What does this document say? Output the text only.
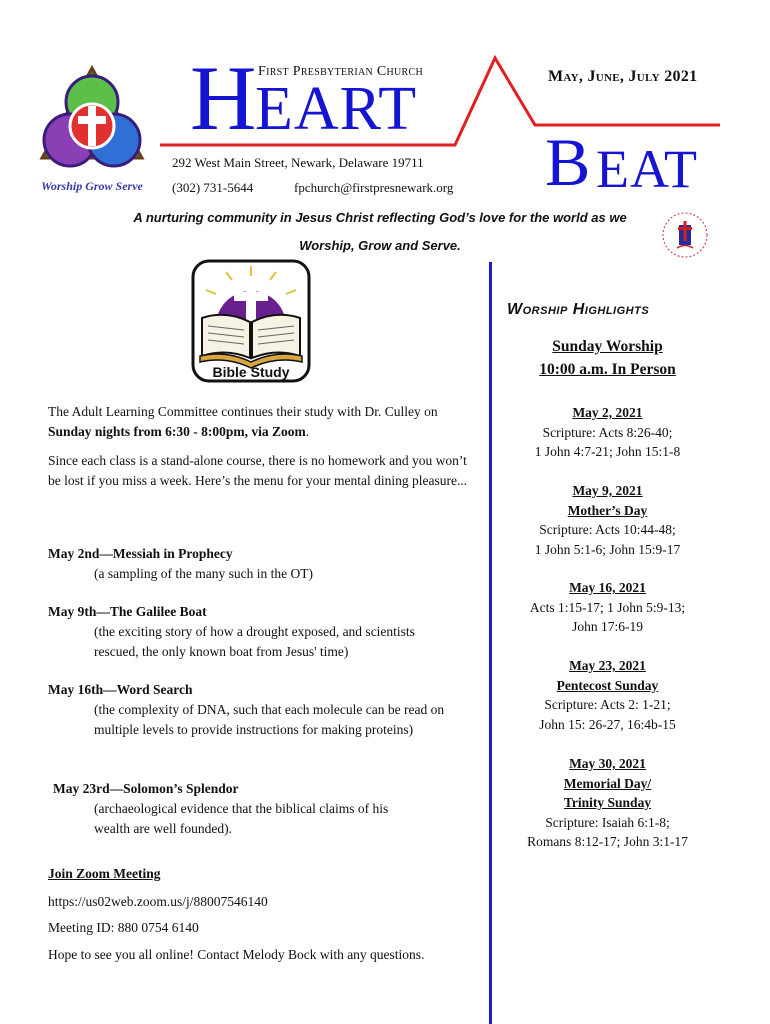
Worship Grow Serve
H
EART
First Presbyterian Church
292 West Main Street, Newark, Delaware 19711
(302) 731-5644	fpchurch@firstpresnewark.org
May, June, July 2021
B EAT
A nurturing community in Jesus Christ reflecting God’s love for the world as we
Worship, Grow and Serve.
Bible Study

The Adult Learning Committee continues their study with Dr. Culley on Sunday nights from 6:30 - 8:00pm, via Zoom.

Since each class is a stand-alone course, there is no homework and you won’t be lost if you miss a week. Here’s the menu for your mental dining pleasure...

May 2nd—Messiah in Prophecy

(a sampling of the many such in the OT)

May 9th—The Galilee Boat

(the exciting story of how a drought exposed, and scientists rescued, the only known boat from Jesus' time)

May 16th—Word Search

(the complexity of DNA, such that each molecule can be read on multiple levels to provide instructions for making proteins)

May 23rd—Solomon’s Splendor

(archaeological evidence that the biblical claims of his wealth are well founded).

Join Zoom Meeting

https://us02web.zoom.us/j/88007546140

Meeting ID: 880 0754 6140

Hope to see you all online! Contact Melody Bock with any questions.

Worship Highlights
Sunday Worship
10:00 a.m. In Person
May 2, 2021
Scripture: Acts 8:26-40;
1 John 4:7-21; John 15:1-8
May 9, 2021
Mother’s Day
Scripture: Acts 10:44-48;
1 John 5:1-6; John 15:9-17
May 16, 2021
Acts 1:15-17; 1 John 5:9-13;
John 17:6-19
May 23, 2021
Pentecost Sunday
Scripture: Acts 2: 1-21;
John 15: 26-27, 16:4b-15
May 30, 2021
Memorial Day/
Trinity Sunday
Scripture: Isaiah 6:1-8;
Romans 8:12-17; John 3:1-17
